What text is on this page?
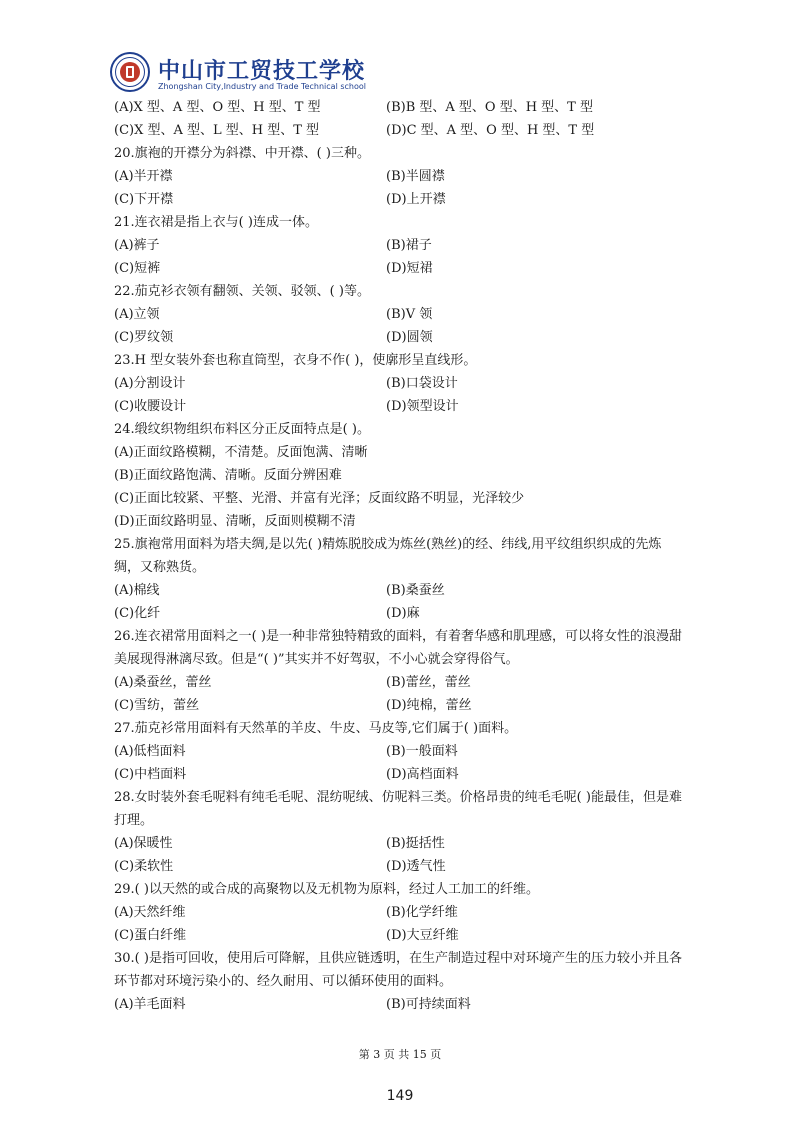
中山市工贸技工学校
Zhongshan City,Industry and Trade Technical school
(A)X 型、A 型、O 型、H 型、T 型	(B)B 型、A 型、O 型、H 型、T 型
(C)X 型、A 型、L 型、H 型、T 型	(D)C 型、A 型、O 型、H 型、T 型
20.旗袍的开襟分为斜襟、中开襟、( )三种。
(A)半开襟	(B)半圆襟
(C)下开襟	(D)上开襟
21.连衣裙是指上衣与( )连成一体。
(A)裤子	(B)裙子
(C)短裤	(D)短裙
22.茄克衫衣领有翻领、关领、驳领、( )等。
(A)立领	(B)V 领
(C)罗纹领	(D)圆领
23.H 型女装外套也称直筒型，衣身不作( )，使廓形呈直线形。
(A)分割设计	(B)口袋设计
(C)收腰设计	(D)领型设计
24.缎纹织物组织布料区分正反面特点是( )。
(A)正面纹路模糊，不清楚。反面饱满、清晰
(B)正面纹路饱满、清晰。反面分辨困难
(C)正面比较紧、平整、光滑、并富有光泽；反面纹路不明显，光泽较少
(D)正面纹路明显、清晰，反面则模糊不清
25.旗袍常用面料为塔夫绸,是以先( )精炼脱胶成为炼丝(熟丝)的经、纬线,用平纹组织织成的先炼绸，又称熟货。
(A)棉线	(B)桑蚕丝
(C)化纤	(D)麻
26.连衣裙常用面料之一( )是一种非常独特精致的面料，有着奢华感和肌理感，可以将女性的浪漫甜美展现得淋漓尽致。但是“( )”其实并不好驾驭，不小心就会穿得俗气。
(A)桑蚕丝，蕾丝	(B)蕾丝，蕾丝
(C)雪纺，蕾丝	(D)纯棉，蕾丝
27.茄克衫常用面料有天然革的羊皮、牛皮、马皮等,它们属于( )面料。
(A)低档面料	(B)一般面料
(C)中档面料	(D)高档面料
28.女时装外套毛呢料有纯毛毛呢、混纺呢绒、仿呢料三类。价格昂贵的纯毛毛呢( )能最佳，但是难打理。
(A)保暖性	(B)挺括性
(C)柔软性	(D)透气性
29.( )以天然的或合成的高聚物以及无机物为原料，经过人工加工的纤维。
(A)天然纤维	(B)化学纤维
(C)蛋白纤维	(D)大豆纤维
30.( )是指可回收，使用后可降解，且供应链透明，在生产制造过程中对环境产生的压力较小并且各环节都对环境污染小的、经久耐用、可以循环使用的面料。
(A)羊毛面料	(B)可持续面料
第 3 页 共 15 页
149
